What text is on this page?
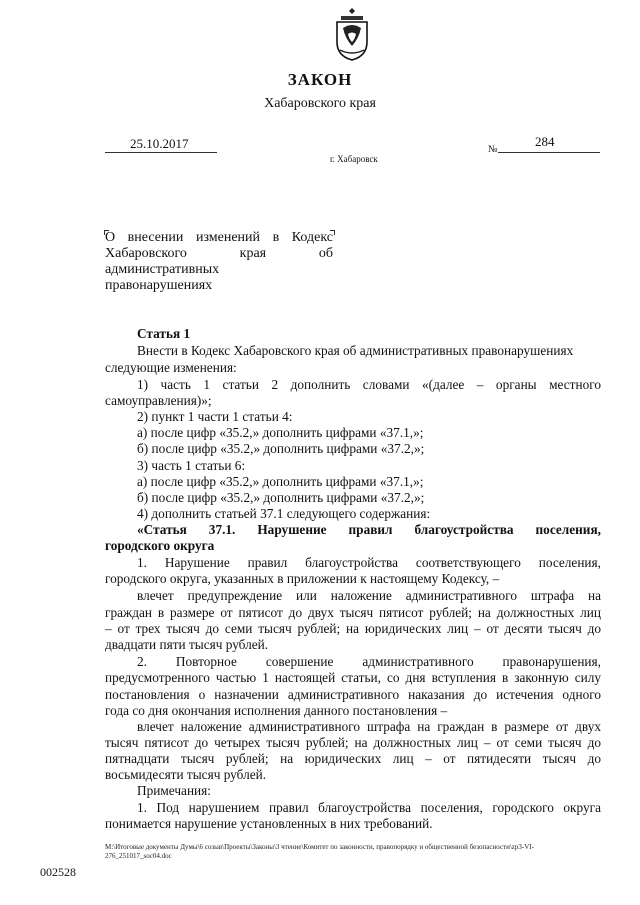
ЗАКОН
Хабаровского края
25.10.2017	№
284
г. Хабаровск
О внесении изменений в Кодекс
Хабаровского	края	об
административных
правонарушениях
Статья 1
Внести в Кодекс Хабаровского края об административных правонарушениях
следующие изменения:
1) часть 1 статьи 2 дополнить словами «(далее – органы местного
самоуправления)»;
2) пункт 1 части 1 статьи 4:
а) после цифр «35.2,» дополнить цифрами «37.1,»;
б) после цифр «35.2,» дополнить цифрами «37.2,»;
3) часть 1 статьи 6:
а) после цифр «35.2,» дополнить цифрами «37.1,»;
б) после цифр «35.2,» дополнить цифрами «37.2,»;
4) дополнить статьей 37.1 следующего содержания:
«Статья 37.1. Нарушение правил благоустройства поселения,
городского округа
1. Нарушение правил благоустройства соответствующего поселения,
городского округа, указанных в приложении к настоящему Кодексу, –
влечет предупреждение или наложение административного штрафа на
граждан в размере от пятисот до двух тысяч пятисот рублей; на должностных лиц
– от трех тысяч до семи тысяч рублей; на юридических лиц – от десяти тысяч до
двадцати пяти тысяч рублей.
2. Повторное совершение административного правонарушения,
предусмотренного частью 1 настоящей статьи, со дня вступления в законную силу
постановления о назначении административного наказания до истечения одного
года со дня окончания исполнения данного постановления –
влечет наложение административного штрафа на граждан в размере от двух
тысяч пятисот до четырех тысяч рублей; на должностных лиц – от семи тысяч до
пятнадцати тысяч рублей; на юридических лиц – от пятидесяти тысяч до
восьмидесяти тысяч рублей.
Примечания:
1. Под нарушением правил благоустройства поселения, городского округа
понимается нарушение установленных в них требований.
М:\Итоговые документы Думы\6 созыв\Проекты\Законы\3 чтение\Комитет по законности, правопорядку и общественной безопасности\zp3-VI-
276_251017_soc04.doc
002528
